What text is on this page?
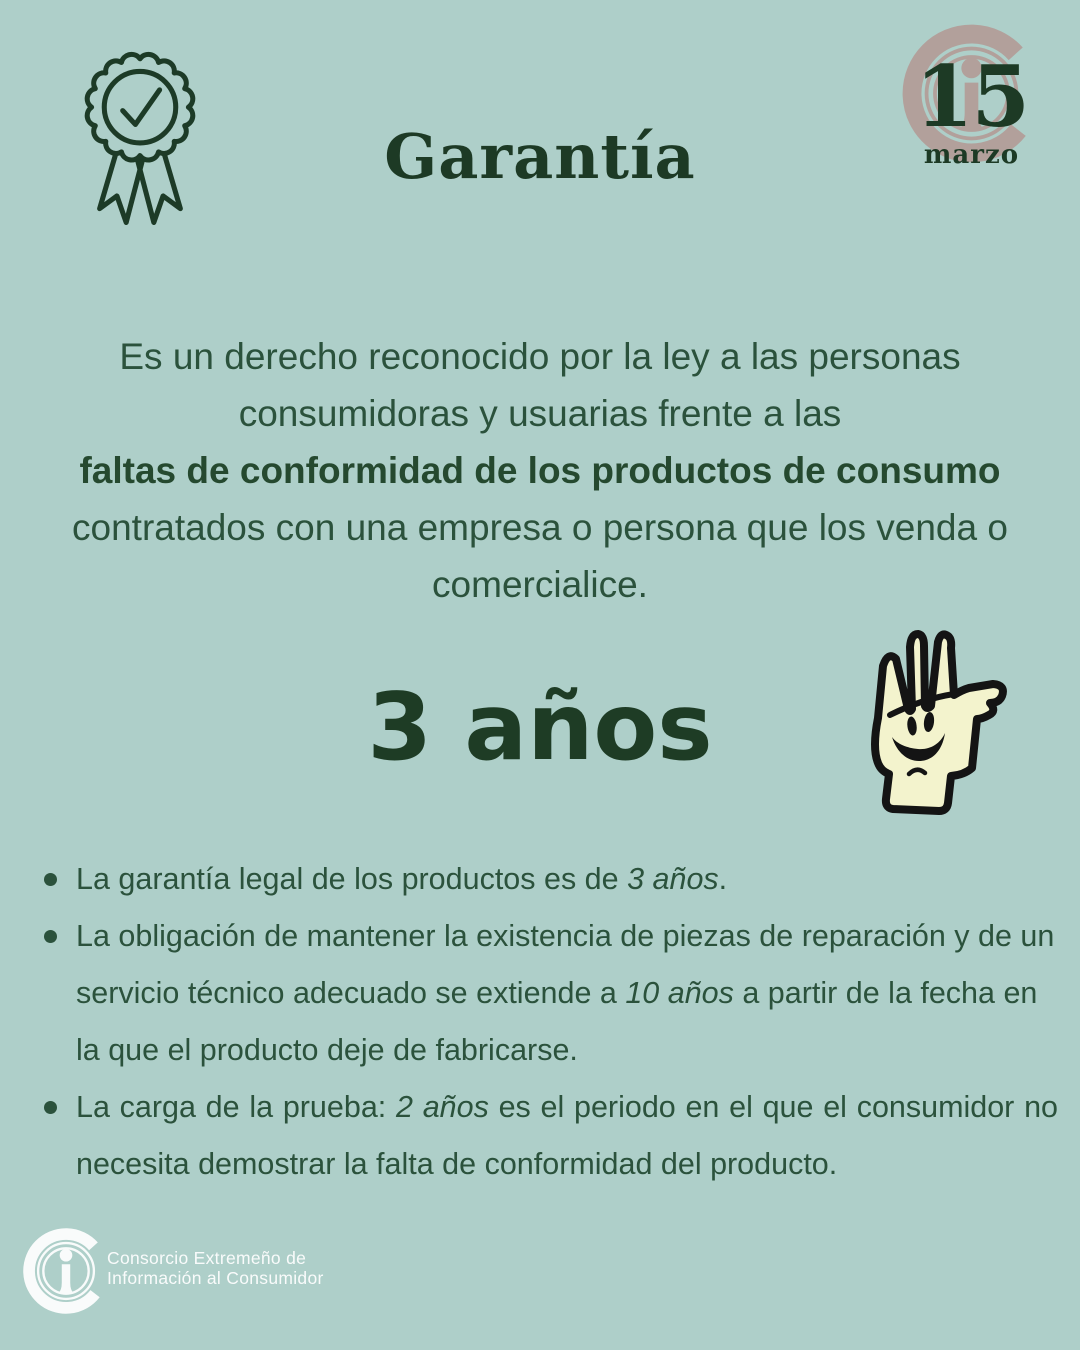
Garantía
15
marzo
Es un derecho reconocido por la ley a las personas
consumidoras y usuarias frente a las
faltas de conformidad de los productos de consumo
contratados con una empresa o persona que los venda o
comercialice.
3 años
La garantía legal de los productos es de 3 años.
La obligación de mantener la existencia de piezas de reparación y de un servicio técnico adecuado se extiende a 10 años a partir de la fecha en la que el producto deje de fabricarse.
La carga de la prueba: 2 años es el periodo en el que el consumidor no necesita demostrar la falta de conformidad del producto.
Consorcio Extremeño de
Información al Consumidor
